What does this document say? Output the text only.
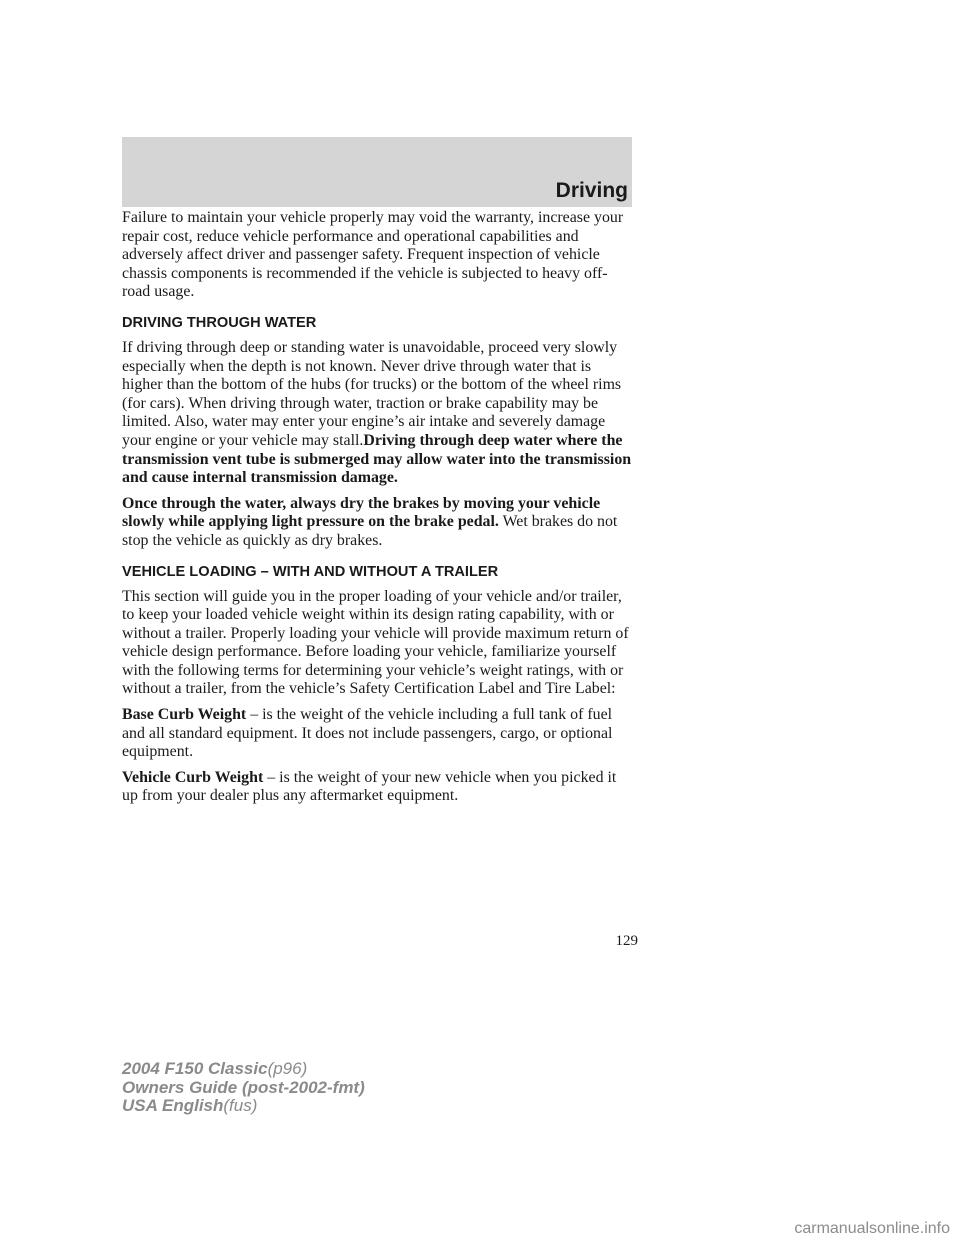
Driving

Failure to maintain your vehicle properly may void the warranty, increase your repair cost, reduce vehicle performance and operational capabilities and adversely affect driver and passenger safety. Frequent inspection of vehicle chassis components is recommended if the vehicle is subjected to heavy off-road usage.

DRIVING THROUGH WATER

If driving through deep or standing water is unavoidable, proceed very slowly especially when the depth is not known. Never drive through water that is higher than the bottom of the hubs (for trucks) or the bottom of the wheel rims (for cars). When driving through water, traction or brake capability may be limited. Also, water may enter your engine’s air intake and severely damage your engine or your vehicle may stall.Driving through deep water where the transmission vent tube is submerged may allow water into the transmission and cause internal transmission damage.

Once through the water, always dry the brakes by moving your vehicle slowly while applying light pressure on the brake pedal. Wet brakes do not stop the vehicle as quickly as dry brakes.

VEHICLE LOADING – WITH AND WITHOUT A TRAILER

This section will guide you in the proper loading of your vehicle and/or trailer, to keep your loaded vehicle weight within its design rating capability, with or without a trailer. Properly loading your vehicle will provide maximum return of vehicle design performance. Before loading your vehicle, familiarize yourself with the following terms for determining your vehicle’s weight ratings, with or without a trailer, from the vehicle’s Safety Certification Label and Tire Label:

Base Curb Weight – is the weight of the vehicle including a full tank of fuel and all standard equipment. It does not include passengers, cargo, or optional equipment.

Vehicle Curb Weight – is the weight of your new vehicle when you picked it up from your dealer plus any aftermarket equipment.

129
2004 F150 Classic(p96)
Owners Guide (post-2002-fmt)
USA English(fus)
carmanualsonline.info
